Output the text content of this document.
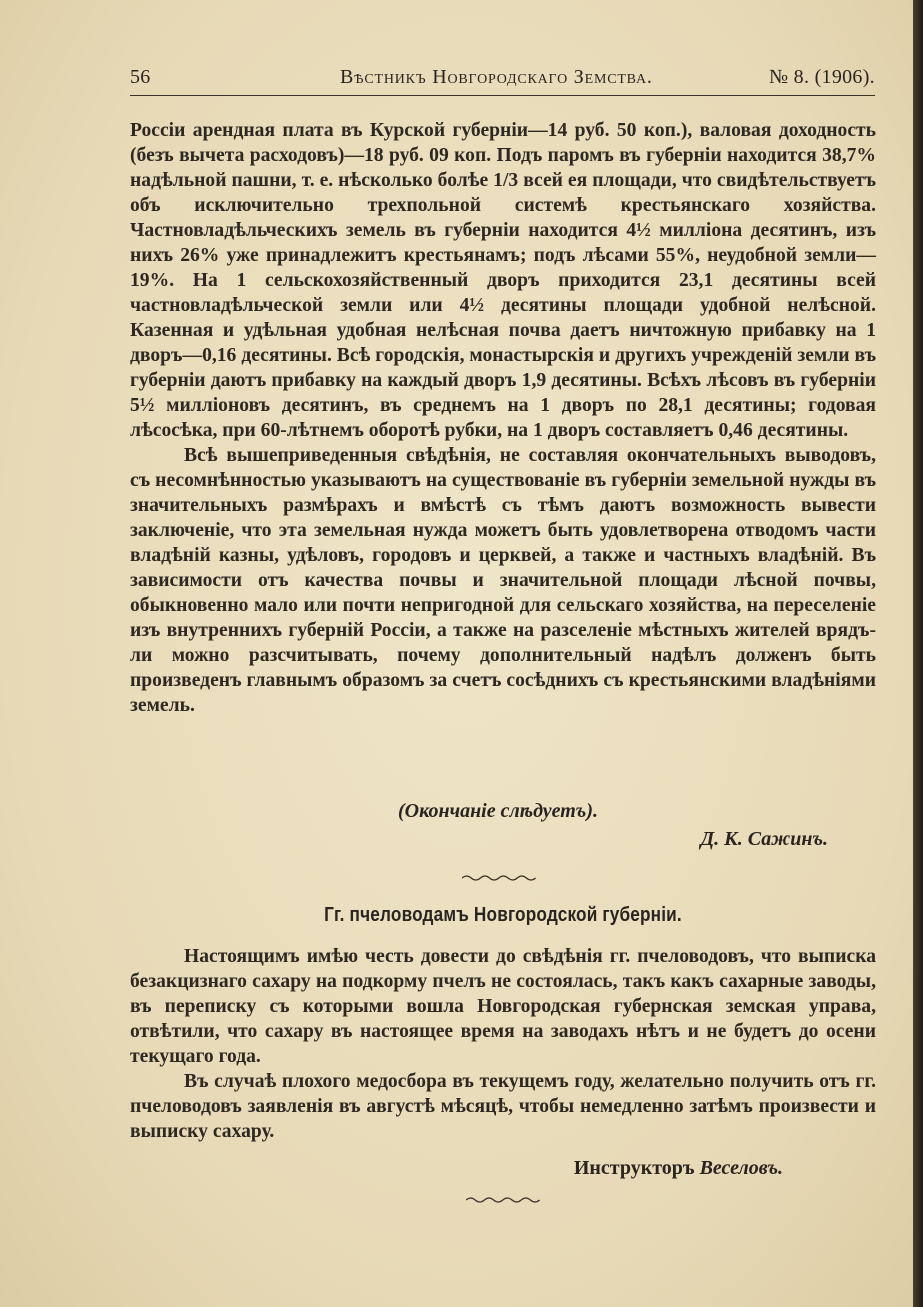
56	Вѣстникъ Новгородскаго Земства.	№ 8. (1906).

Россіи арендная плата въ Курской губерніи—14 руб. 50 коп.), валовая доходность (безъ вычета расходовъ)—18 руб. 09 коп. Подъ паромъ въ губерніи находится 38,7% надѣльной пашни, т. е. нѣсколько болѣе 1/3 всей ея площади, что свидѣтельствуетъ объ исключительно трехпольной системѣ крестьянскаго хозяйства. Частновладѣльческихъ земель въ губерніи находится 4½ милліона десятинъ, изъ нихъ 26% уже принадлежитъ крестьянамъ; подъ лѣсами 55%, неудобной земли—19%. На 1 сельскохозяйственный дворъ приходится 23,1 десятины всей частновладѣльческой земли или 4½ десятины площади удобной нелѣсной. Казенная и удѣльная удобная нелѣсная почва даетъ ничтожную прибавку на 1 дворъ—0,16 десятины. Всѣ городскія, монастырскія и другихъ учрежденій земли въ губерніи даютъ прибавку на каждый дворъ 1,9 десятины. Всѣхъ лѣсовъ въ губерніи 5½ милліоновъ десятинъ, въ среднемъ на 1 дворъ по 28,1 десятины; годовая лѣсосѣка, при 60-лѣтнемъ оборотѣ рубки, на 1 дворъ составляетъ 0,46 десятины.

Всѣ вышеприведенныя свѣдѣнія, не составляя окончательныхъ выводовъ, съ несомнѣнностью указываютъ на существованіе въ губерніи земельной нужды въ значительныхъ размѣрахъ и вмѣстѣ съ тѣмъ даютъ возможность вывести заключеніе, что эта земельная нужда можетъ быть удовлетворена отводомъ части владѣній казны, удѣловъ, городовъ и церквей, а также и частныхъ владѣній. Въ зависимости отъ качества почвы и значительной площади лѣсной почвы, обыкновенно мало или почти непригодной для сельскаго хозяйства, на переселеніе изъ внутреннихъ губерній Россіи, а также на разселеніе мѣстныхъ жителей врядъ-ли можно разсчитывать, почему дополнительный надѣлъ долженъ быть произведенъ главнымъ образомъ за счетъ сосѣднихъ съ крестьянскими владѣніями земель.

(Окончаніе слѣдуетъ).
Д. К. Сажинъ.
Гг. пчеловодамъ Новгородской губерніи.

Настоящимъ имѣю честь довести до свѣдѣнія гг. пчеловодовъ, что выписка безакцизнаго сахару на подкорму пчелъ не состоялась, такъ какъ сахарные заводы, въ переписку съ которыми вошла Новгородская губернская земская управа, отвѣтили, что сахару въ настоящее время на заводахъ нѣтъ и не будетъ до осени текущаго года.

Въ случаѣ плохого медосбора въ текущемъ году, желательно получить отъ гг. пчеловодовъ заявленія въ августѣ мѣсяцѣ, чтобы немедленно затѣмъ произвести и выписку сахару.

Инструкторъ Веселовъ.
